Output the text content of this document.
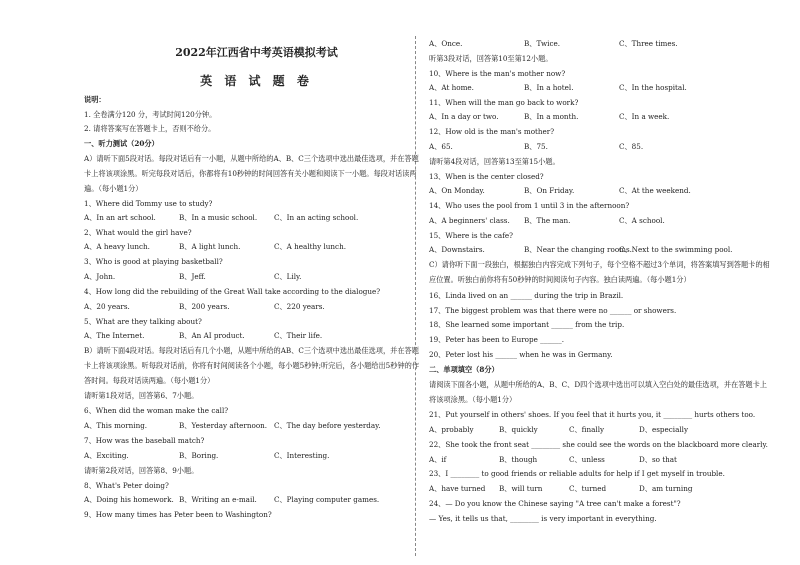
2022年江西省中考英语模拟考试
英 语 试 题 卷
说明：
1. 全卷满分120 分，考试时间120分钟。
2. 请将答案写在答题卡上，否则不给分。
一、听力测试（20分）
A）请听下面5段对话。每段对话后有一小题，从题中所给的A、B、C三个选项中选出最佳选项，并在答题
卡上将该项涂黑。听完每段对话后，你都将有10秒钟的时间回答有关小题和阅读下一小题。每段对话读两
遍。（每小题1分）
1、Where did Tommy use to study?
A、In an art school.	B、In a music school. C、In an acting school.
2、What would the girl have?
A、A heavy lunch.	B、A light lunch.	C、A healthy lunch.
3、Who is good at playing basketball?
A、John.	B、Jeff.	C、Lily.
4、How long did the rebuilding of the Great Wall take according to the dialogue?
A、20 years.	B、200 years.	C、220 years.
5、What are they talking about?
A、The Internet.	B、An AI product.	C、Their life.
B）请听下面4段对话。每段对话后有几个小题，从题中所给的AB、C三个选项中选出最佳选项，并在答题
卡上将该项涂黑。听每段对话前，你将有时间阅读各个小题，每小题5秒钟;听完后，各小题给出5秒钟的作
答时间。每段对话读两遍。（每小题1分）
请听第1段对话，回答第6、7小题。
6、When did the woman make the call?
A、This morning.	B、Yesterday afternoon. C、The day before yesterday.
7、How was the baseball match?
A、Exciting.	B、Boring.	C、Interesting.
请听第2段对话，回答第8、9小题。
8、What's Peter doing?
A、Doing his homework. B、Writing an e-mail. C、Playing computer games.
9、How many times has Peter been to Washington?
A、Once.	B、Twice.	C、Three times.
听第3段对话，回答第10至第12小题。
10、Where is the man's mother now?
A、At home.	B、In a hotel.	C、In the hospital.
11、When will the man go back to work?
A、In a day or two.	B、In a month.	C、In a week.
12、How old is the man's mother?
A、65.	B、75.	C、85.
请听第4段对话，回答第13至第15小题。
13、When is the center closed?
A、On Monday.	B、On Friday.	C、At the weekend.
14、Who uses the pool from 1 until 3 in the afternoon?
A、A beginners' class. B、The man.	C、A school.
15、Where is the cafe?
A、Downstairs.	B、Near the changing rooms.
C、Next to the swimming pool.
C）请你听下面一段独白，根据独白内容完成下列句子，每个空格不超过3个单词，将答案填写到答题卡的相
应位置。听独白前你将有50秒钟的时间阅读句子内容。独白读两遍。（每小题1分）
16、Linda lived on an ______ during the trip in Brazil.
17、The biggest problem was that there were no ______ or showers.
18、She learned some important ______ from the trip.
19、Peter has been to Europe ______.
20、Peter lost his ______ when he was in Germany.
二、单项填空（8分）
请阅读下面各小题，从题中所给的A、B、C、D四个选项中选出可以填入空白处的最佳选项，并在答题卡上
将该项涂黑。（每小题1分）
21、Put yourself in others' shoes. If you feel that it hurts you, it ________ hurts others too.
A、probably	B、quickly	C、finally	D、especially
22、She took the front seat ________ she could see the words on the blackboard more clearly.
A、if	B、though	C、unless	D、so that
23、I ________ to good friends or reliable adults for help if I get myself in trouble.
A、have turned B、will turn	C、turned	D、am turning
24、— Do you know the Chinese saying "A tree can't make a forest"?
— Yes, it tells us that, ________ is very important in everything.
